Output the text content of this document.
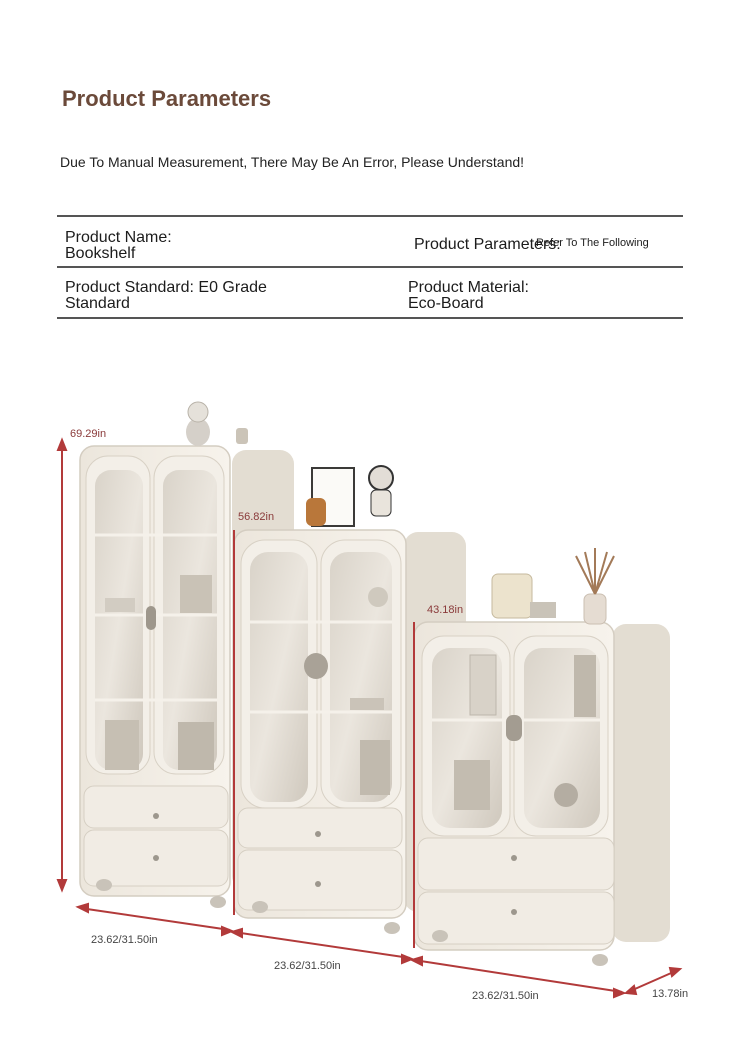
Product Parameters
Due To Manual Measurement, There May Be An Error, Please Understand!
Product Name:
Bookshelf
Product Parameters:
Refer To The Following
Product Standard: E0 Grade
Standard
Product Material:
Eco-Board
69.29in
56.82in
43.18in
23.62/31.50in
23.62/31.50in
23.62/31.50in	13.78in
